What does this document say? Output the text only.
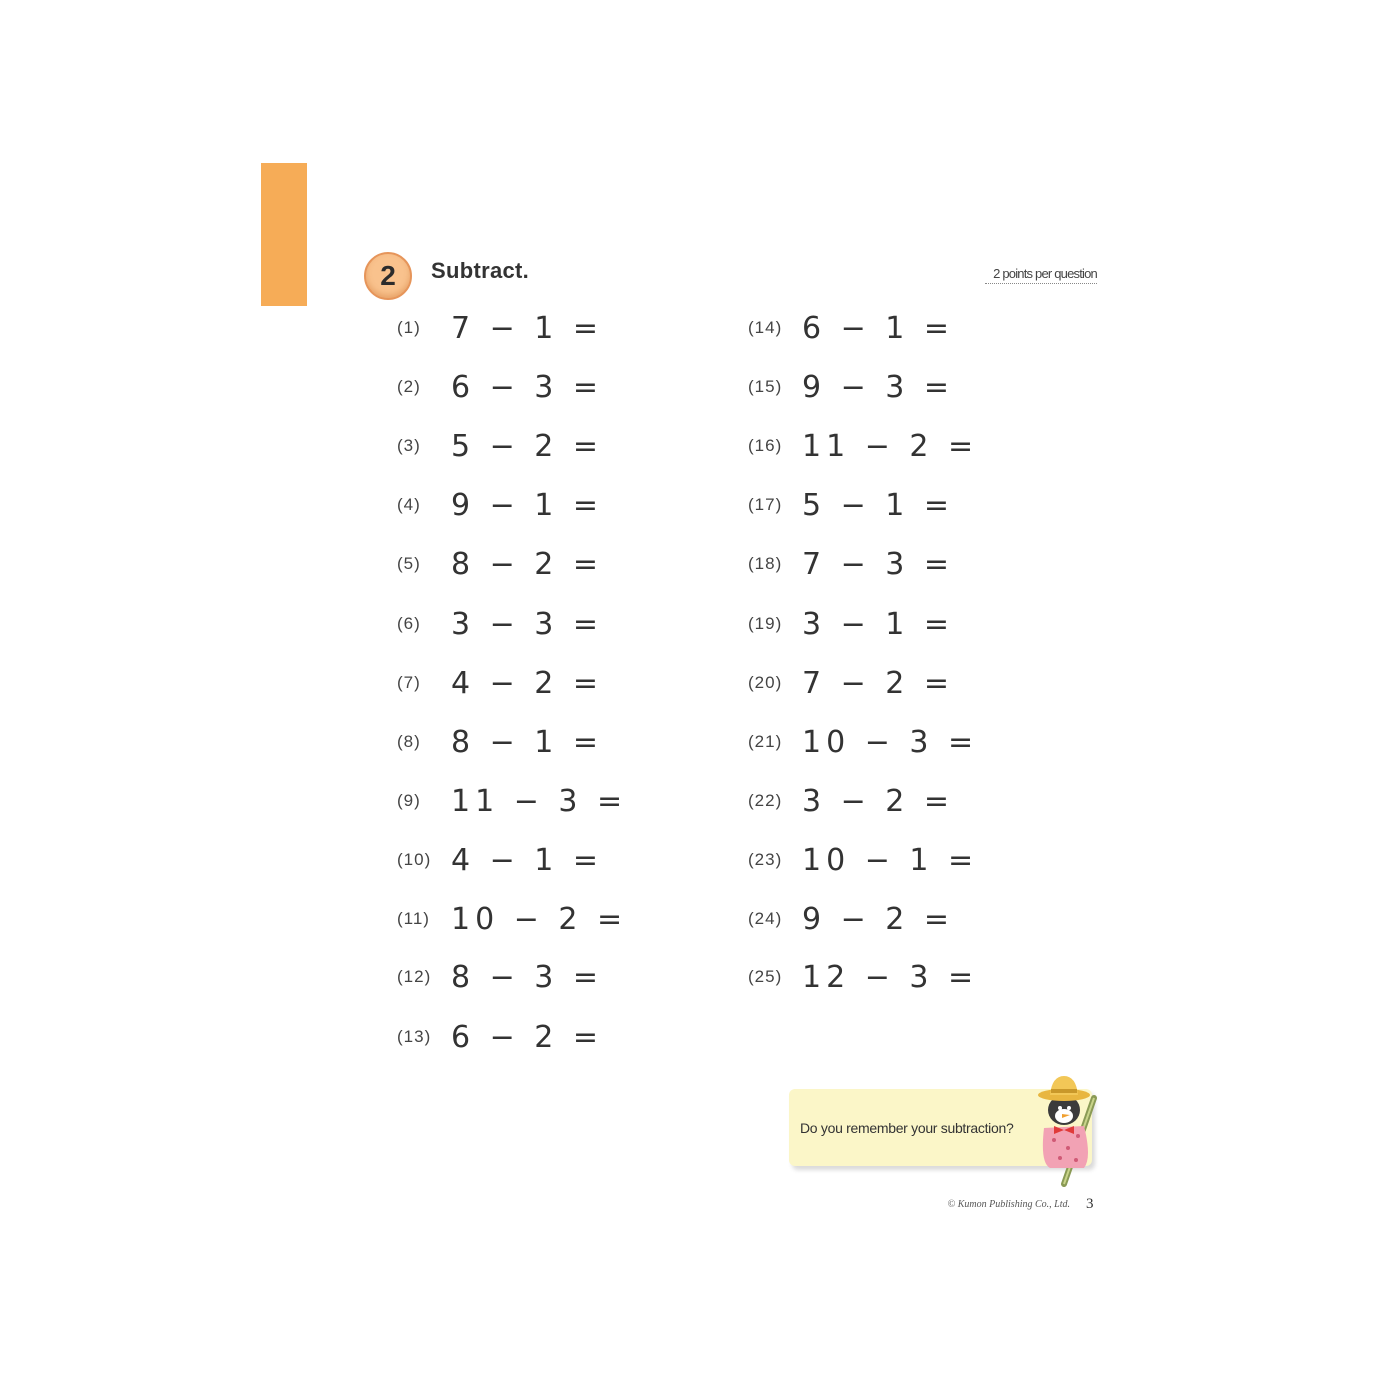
2	Subtract.	2 points per question
(1)	7 − 1 =
(2)	6 − 3 =
(3)	5 − 2 =
(4)	9 − 1 =
(5)	8 − 2 =
(6)	3 − 3 =
(7)	4 − 2 =
(8)	8 − 1 =
(9)	11 − 3 =
(10) 4 − 1 =
(11) 10 − 2 =
(12) 8 − 3 =
(13) 6 − 2 =
(14) 6 − 1 =
(15) 9 − 3 =
(16) 11 − 2 =
(17) 5 − 1 =
(18) 7 − 3 =
(19) 3 − 1 =
(20) 7 − 2 =
(21) 10 − 3 =
(22) 3 − 2 =
(23) 10 − 1 =
(24) 9 − 2 =
(25) 12 − 3 =
Do you remember your subtraction?
© Kumon Publishing Co., Ltd. 3
